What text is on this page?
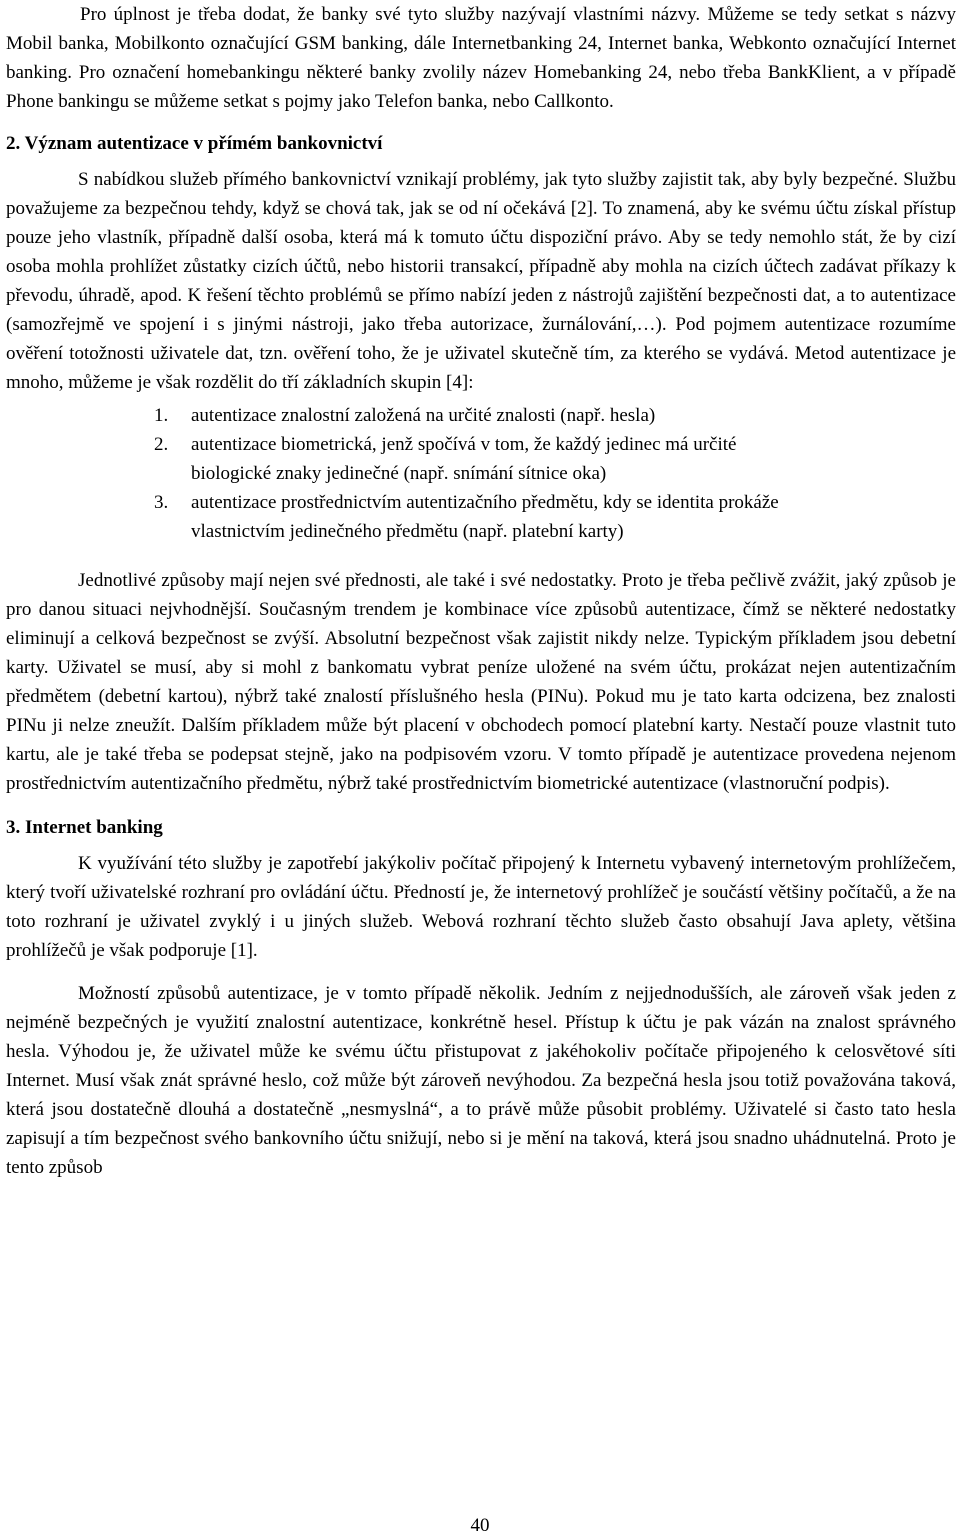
Pro úplnost je třeba dodat, že banky své tyto služby nazývají vlastními názvy. Můžeme se tedy setkat s názvy Mobil banka, Mobilkonto označující GSM banking, dále Internetbanking 24, Internet banka, Webkonto označující Internet banking. Pro označení homebankingu některé banky zvolily název Homebanking 24, nebo třeba BankKlient, a v případě Phone bankingu se můžeme setkat s pojmy jako Telefon banka, nebo Callkonto.

2. Význam autentizace v přímém bankovnictví

S nabídkou služeb přímého bankovnictví vznikají problémy, jak tyto služby zajistit tak, aby byly bezpečné. Službu považujeme za bezpečnou tehdy, když se chová tak, jak se od ní očekává [2]. To znamená, aby ke svému účtu získal přístup pouze jeho vlastník, případně další osoba, která má k tomuto účtu dispoziční právo. Aby se tedy nemohlo stát, že by cizí osoba mohla prohlížet zůstatky cizích účtů, nebo historii transakcí, případně aby mohla na cizích účtech zadávat příkazy k převodu, úhradě, apod. K řešení těchto problémů se přímo nabízí jeden z nástrojů zajištění bezpečnosti dat, a to autentizace (samozřejmě ve spojení i s jinými nástroji, jako třeba autorizace, žurnálování,…). Pod pojmem autentizace rozumíme ověření totožnosti uživatele dat, tzn. ověření toho, že je uživatel skutečně tím, za kterého se vydává. Metod autentizace je mnoho, můžeme je však rozdělit do tří základních skupin [4]:

1.	autentizace znalostní založená na určité znalosti (např. hesla)
2.	autentizace biometrická, jenž spočívá v tom, že každý jedinec má určité biologické znaky jedinečné (např. snímání sítnice oka)
3.	autentizace prostřednictvím autentizačního předmětu, kdy se identita prokáže vlastnictvím jedinečného předmětu (např. platební karty)

Jednotlivé způsoby mají nejen své přednosti, ale také i své nedostatky. Proto je třeba pečlivě zvážit, jaký způsob je pro danou situaci nejvhodnější. Současným trendem je kombinace více způsobů autentizace, čímž se některé nedostatky eliminují a celková bezpečnost se zvýší. Absolutní bezpečnost však zajistit nikdy nelze. Typickým příkladem jsou debetní karty. Uživatel se musí, aby si mohl z bankomatu vybrat peníze uložené na svém účtu, prokázat nejen autentizačním předmětem (debetní kartou), nýbrž také znalostí příslušného hesla (PINu). Pokud mu je tato karta odcizena, bez znalosti PINu ji nelze zneužít. Dalším příkladem může být placení v obchodech pomocí platební karty. Nestačí pouze vlastnit tuto kartu, ale je také třeba se podepsat stejně, jako na podpisovém vzoru. V tomto případě je autentizace provedena nejenom prostřednictvím autentizačního předmětu, nýbrž také prostřednictvím biometrické autentizace (vlastnoruční podpis).

3. Internet banking

K využívání této služby je zapotřebí jakýkoliv počítač připojený k Internetu vybavený internetovým prohlížečem, který tvoří uživatelské rozhraní pro ovládání účtu. Předností je, že internetový prohlížeč je součástí většiny počítačů, a že na toto rozhraní je uživatel zvyklý i u jiných služeb. Webová rozhraní těchto služeb často obsahují Java aplety, většina prohlížečů je však podporuje [1].

Možností způsobů autentizace, je v tomto případě několik. Jedním z nejjednodušších, ale zároveň však jeden z nejméně bezpečných je využití znalostní autentizace, konkrétně hesel. Přístup k účtu je pak vázán na znalost správného hesla. Výhodou je, že uživatel může ke svému účtu přistupovat z jakéhokoliv počítače připojeného k celosvětové síti Internet. Musí však znát správné heslo, což může být zároveň nevýhodou. Za bezpečná hesla jsou totiž považována taková, která jsou dostatečně dlouhá a dostatečně „nesmyslná“, a to právě může působit problémy. Uživatelé si často tato hesla zapisují a tím bezpečnost svého bankovního účtu snižují, nebo si je mění na taková, která jsou snadno uhádnutelná. Proto je tento způsob

40
